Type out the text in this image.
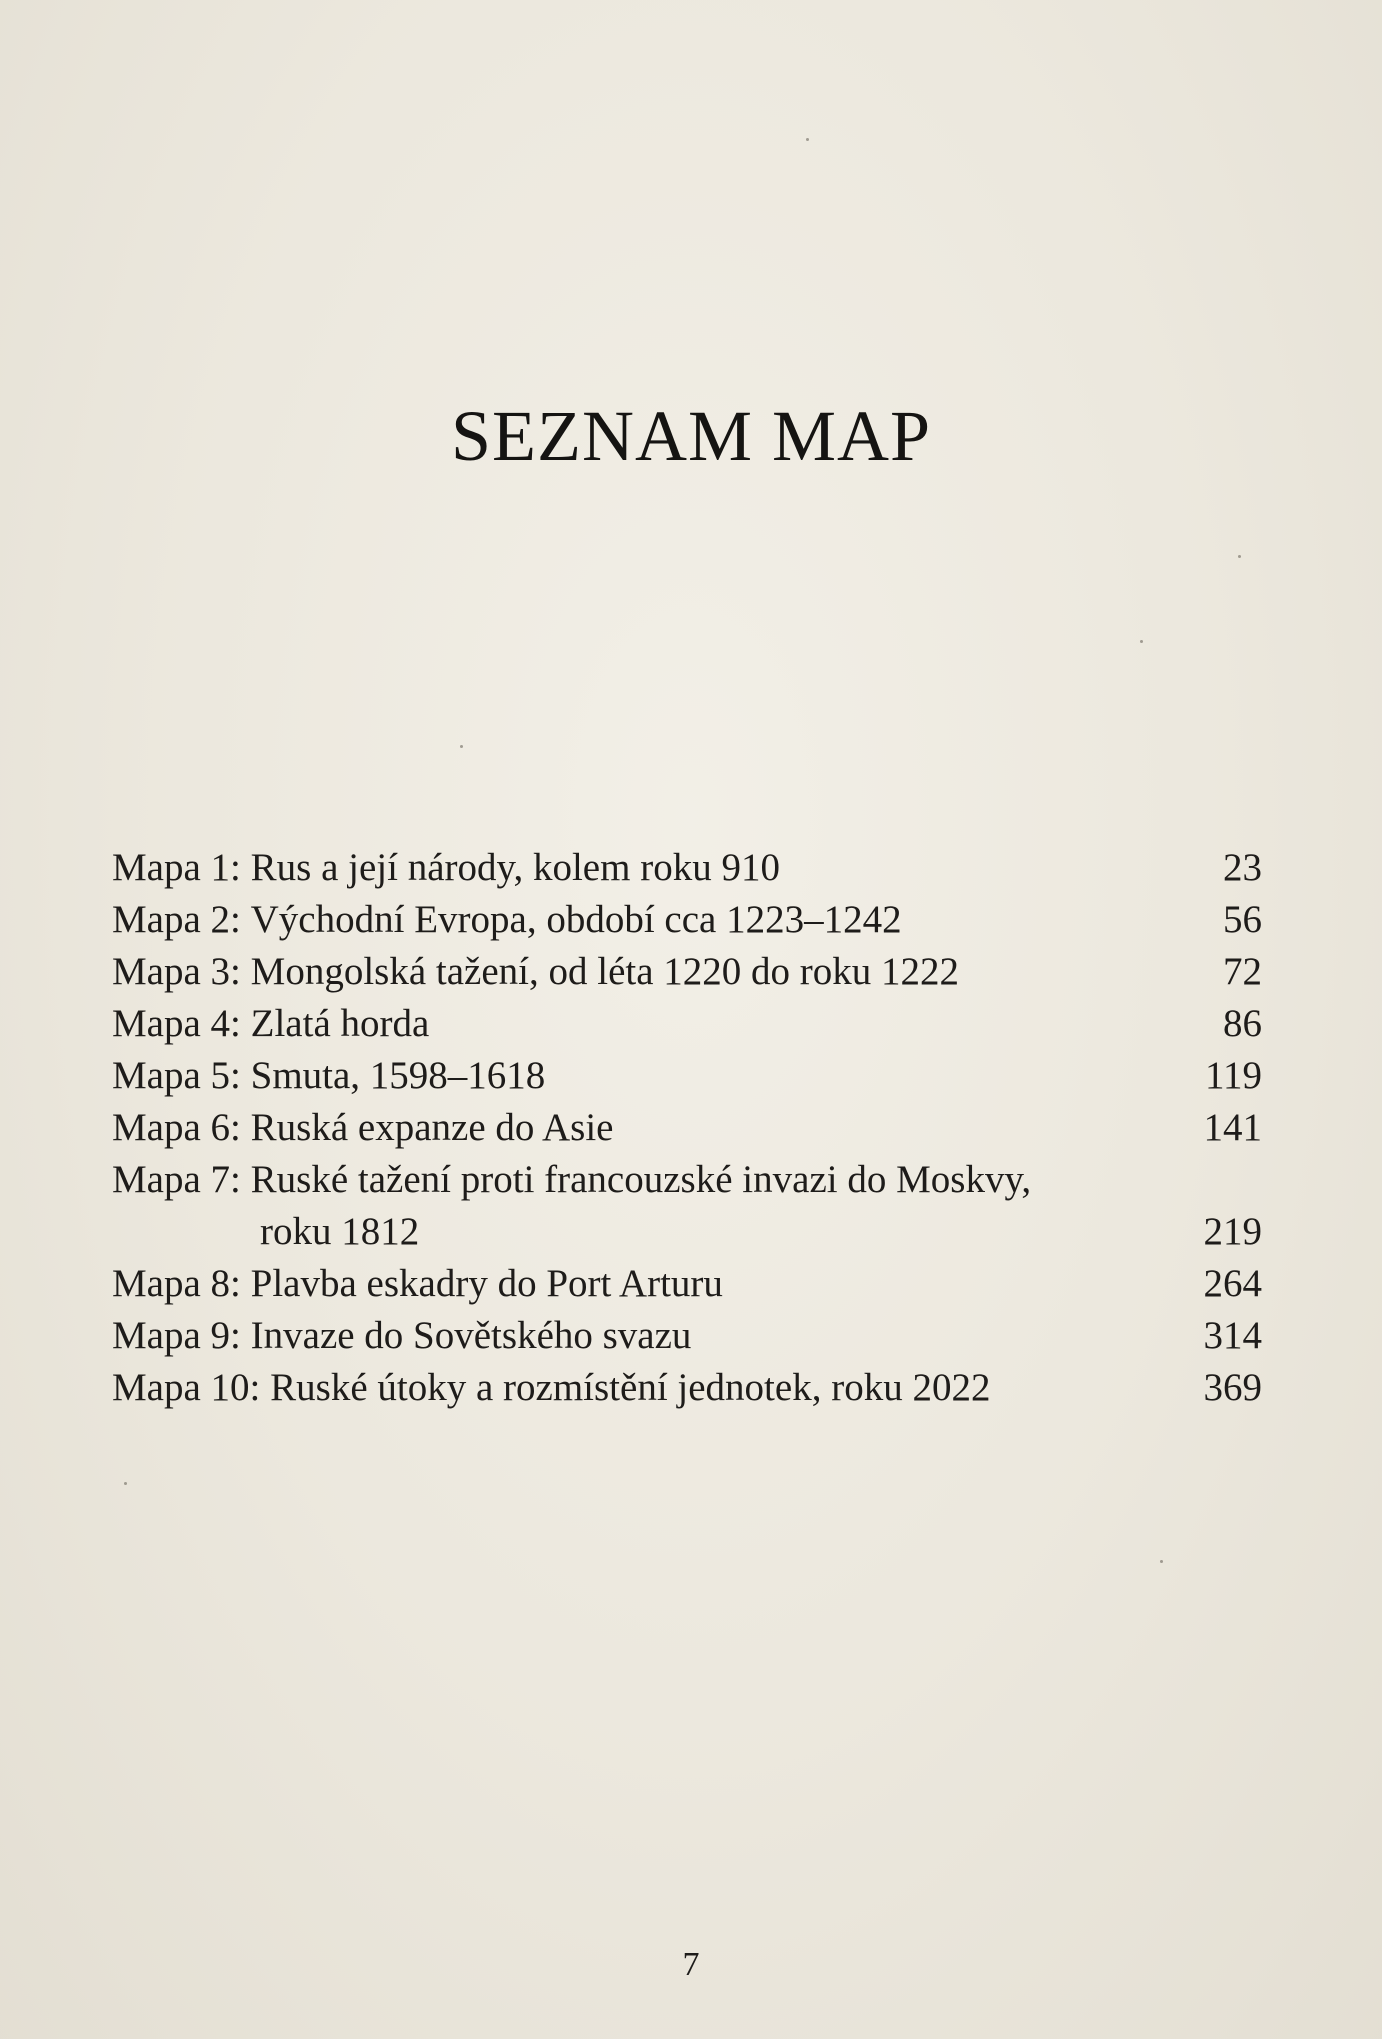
SEZNAM MAP
Mapa 1: Rus a její národy, kolem roku 910	23
Mapa 2: Východní Evropa, období cca 1223–1242	56
Mapa 3: Mongolská tažení, od léta 1220 do roku 1222	72
Mapa 4: Zlatá horda	86
Mapa 5: Smuta, 1598–1618	119
Mapa 6: Ruská expanze do Asie	141
Mapa 7: Ruské tažení proti francouzské invazi do Moskvy,
roku 1812	219
Mapa 8: Plavba eskadry do Port Arturu	264
Mapa 9: Invaze do Sovětského svazu	314
Mapa 10: Ruské útoky a rozmístění jednotek, roku 2022	369
7
